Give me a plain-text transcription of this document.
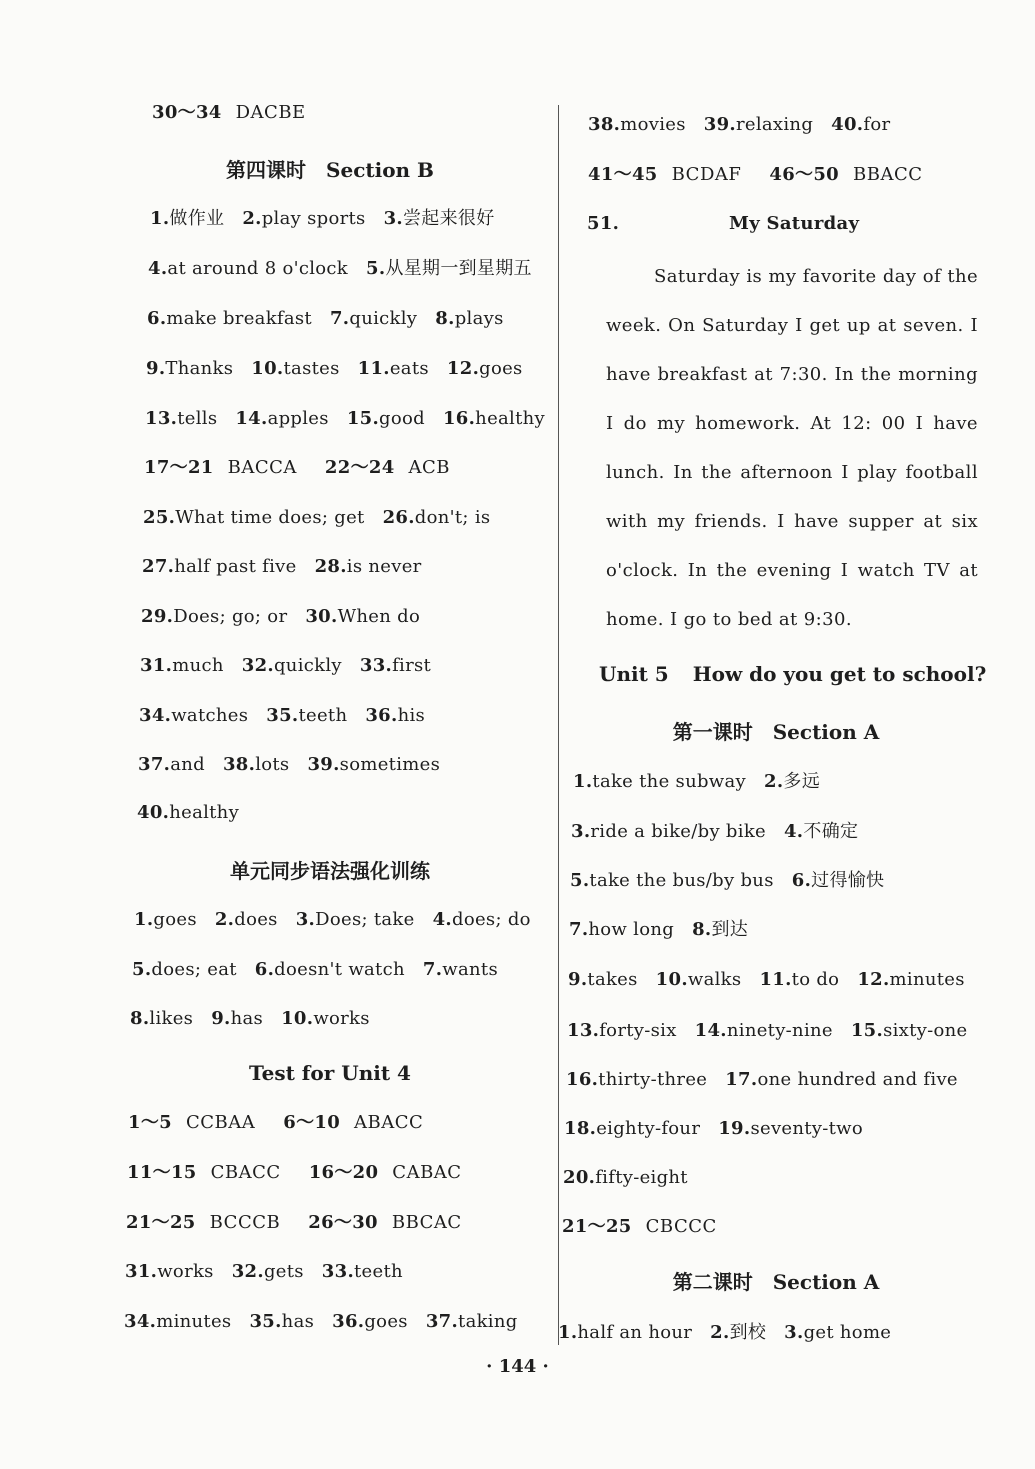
30～34 DACBE
第四课时 Section B
1.做作业 2.play sports 3.尝起来很好
4.at around 8 o'clock 5.从星期一到星期五
6.make breakfast 7.quickly 8.plays
9.Thanks 10.tastes 11.eats 12.goes
13.tells 14.apples 15.good 16.healthy
17～21 BACCA 22～24 ACB
25.What time does; get 26.don't; is
27.half past five 28.is never
29.Does; go; or 30.When do
31.much 32.quickly 33.first
34.watches 35.teeth 36.his
37.and 38.lots 39.sometimes
40.healthy
单元同步语法强化训练
1.goes 2.does 3.Does; take 4.does; do
5.does; eat 6.doesn't watch 7.wants
8.likes 9.has 10.works
Test for Unit 4
1～5 CCBAA 6～10 ABACC
11～15 CBACC 16～20 CABAC
21～25 BCCCB 26～30 BBCAC
31.works 32.gets 33.teeth
34.minutes 35.has 36.goes 37.taking
38.movies 39.relaxing 40.for
41～45 BCDAF 46～50 BBACC
51.	My Saturday
Saturday is my favorite day of the week. On Saturday I get up at seven. I have breakfast at 7:30. In the morning I do my homework. At 12: 00 I have lunch. In the afternoon I play football with my friends. I have supper at six o'clock. In the evening I watch TV at home. I go to bed at 9:30.
Unit 5 How do you get to school?
第一课时 Section A
1.take the subway 2.多远
3.ride a bike/by bike 4.不确定
5.take the bus/by bus 6.过得愉快
7.how long 8.到达
9.takes 10.walks 11.to do 12.minutes
13.forty-six 14.ninety-nine 15.sixty-one
16.thirty-three 17.one hundred and five
18.eighty-four 19.seventy-two
20.fifty-eight
21～25 CBCCC
第二课时 Section A
1.half an hour 2.到校 3.get home
· 144 ·
